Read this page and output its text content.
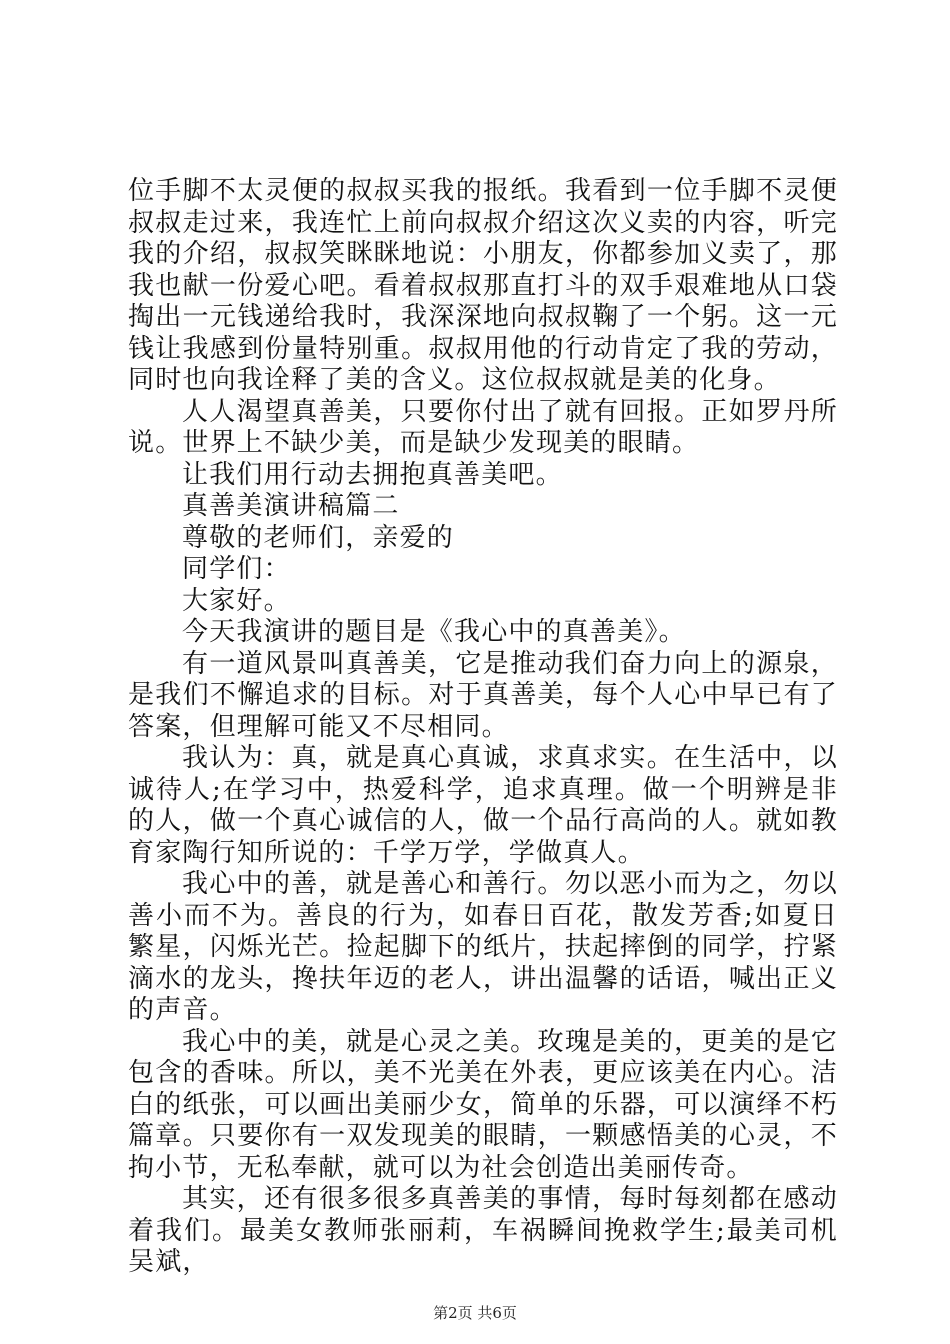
位手脚不太灵便的叔叔买我的报纸。我看到一位手脚不灵便叔叔走过来，我连忙上前向叔叔介绍这次义卖的内容，听完我的介绍，叔叔笑眯眯地说：小朋友，你都参加义卖了，那我也献一份爱心吧。看着叔叔那直打斗的双手艰难地从口袋掏出一元钱递给我时，我深深地向叔叔鞠了一个躬。这一元钱让我感到份量特别重。叔叔用他的行动肯定了我的劳动，同时也向我诠释了美的含义。这位叔叔就是美的化身。

人人渴望真善美，只要你付出了就有回报。正如罗丹所说。世界上不缺少美，而是缺少发现美的眼睛。

让我们用行动去拥抱真善美吧。

真善美演讲稿篇二

尊敬的老师们，亲爱的

同学们：

大家好。

今天我演讲的题目是《我心中的真善美》。

有一道风景叫真善美，它是推动我们奋力向上的源泉，是我们不懈追求的目标。对于真善美，每个人心中早已有了答案，但理解可能又不尽相同。

我认为：真，就是真心真诚，求真求实。在生活中，以诚待人;在学习中，热爱科学，追求真理。做一个明辨是非的人，做一个真心诚信的人，做一个品行高尚的人。就如教育家陶行知所说的：千学万学，学做真人。

我心中的善，就是善心和善行。勿以恶小而为之，勿以善小而不为。善良的行为，如春日百花，散发芳香;如夏日繁星，闪烁光芒。捡起脚下的纸片，扶起摔倒的同学，拧紧滴水的龙头，搀扶年迈的老人，讲出温馨的话语，喊出正义的声音。

我心中的美，就是心灵之美。玫瑰是美的，更美的是它包含的香味。所以，美不光美在外表，更应该美在内心。洁白的纸张，可以画出美丽少女，简单的乐器，可以演绎不朽篇章。只要你有一双发现美的眼睛，一颗感悟美的心灵，不拘小节，无私奉献，就可以为社会创造出美丽传奇。

其实，还有很多很多真善美的事情，每时每刻都在感动着我们。最美女教师张丽莉，车祸瞬间挽救学生;最美司机吴斌，

第2页 共6页
